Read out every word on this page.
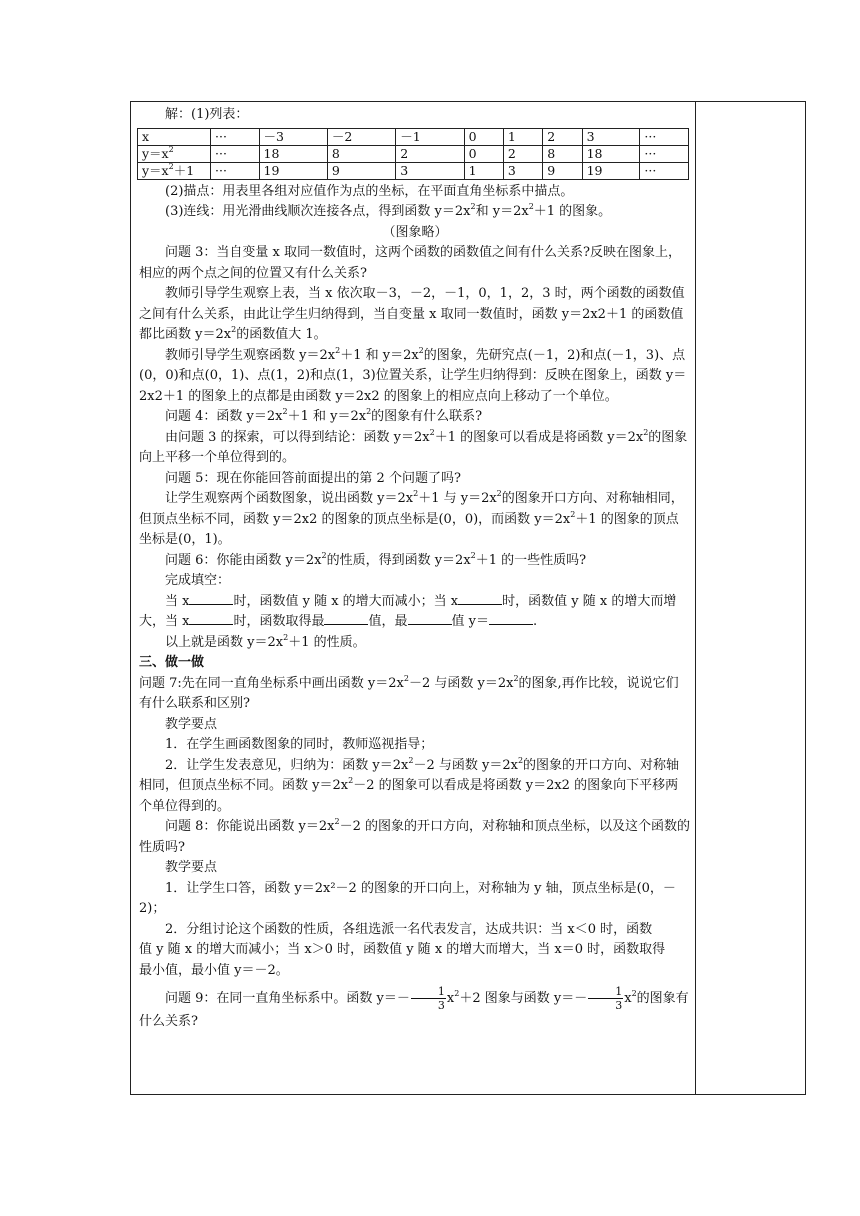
解：(1)列表：

x	···	－3	－2	－1	0	1	2	3	···
$y=x^2$	···	18	8	2	0	2	8	18	···
$y=x^2+1$	···	19	9	3	1	3	9	19	···

(2)描点：用表里各组对应值作为点的坐标，在平面直角坐标系中描点。

(3)连线：用光滑曲线顺次连接各点，得到函数 $y=2x^2$和 $y=2x^2+1$ 的图象。

（图象略）

问题 3：当自变量 x 取同一数值时，这两个函数的函数值之间有什么关系?反映在图象上，相应的两个点之间的位置又有什么关系?

教师引导学生观察上表，当 x 依次取－3，－2，－1，0，1，2，3 时，两个函数的函数值

之间有什么关系，由此让学生归纳得到，当自变量 x 取同一数值时，函数 y＝2x2＋1 的函数值都比函数 $y=2x^2$的函数值大 1。

教师引导学生观察函数 $y=2x^2+1$ 和 $y=2x^2$的图象，先研究点(－1，2)和点(－1，3)、点(0，0)和点(0，1)、点(1，2)和点(1，3)位置关系，让学生归纳得到：反映在图象上，函数 y＝2x2＋1 的图象上的点都是由函数 y＝2x2 的图象上的相应点向上移动了一个单位。

问题 4：函数 $y=2x^2+1$ 和 $y=2x^2$的图象有什么联系?

由问题 3 的探索，可以得到结论：函数 $y=2x^2+1$ 的图象可以看成是将函数 $y=2x^2$的图象向上平移一个单位得到的。

问题 5：现在你能回答前面提出的第 2 个问题了吗?

让学生观察两个函数图象，说出函数 $y=2x^2+1$ 与 $y=2x^2$的图象开口方向、对称轴相同，但顶点坐标不同，函数 y＝2x2 的图象的顶点坐标是(0，0)，而函数 $y=2x^2+1$ 的图象的顶点坐标是(0，1)。

问题 6：你能由函数 $y=2x^2$的性质，得到函数 $y=2x^2+1$ 的一些性质吗?

完成填空：

当 x	时，函数值 y 随 x 的增大而减小；当 x	时，函数值 y 随 x 的增大而增大，当 x	时，函数取得最	值，最	值 y＝	.

以上就是函数 $y=2x^2+1$ 的性质。

三、做一做

问题 7:先在同一直角坐标系中画出函数 $y=2x^2-2$ 与函数 $y=2x^2$的图象,再作比较，说说它们有什么联系和区别?

教学要点

1．在学生画函数图象的同时，教师巡视指导；

2．让学生发表意见，归纳为：函数 $y=2x^2-2$ 与函数 $y=2x^2$的图象的开口方向、对称轴相同，但顶点坐标不同。函数 $y=2x^2-2$ 的图象可以看成是将函数 y＝2x2 的图象向下平移两个单位得到的。

问题 8：你能说出函数 $y=2x^2-2$ 的图象的开口方向，对称轴和顶点坐标，以及这个函数的性质吗?

教学要点

1．让学生口答，函数 y＝2x²－2 的图象的开口向上，对称轴为 y 轴，顶点坐标是(0，－2)；

2．分组讨论这个函数的性质，各组选派一名代表发言，达成共识：当 x＜0 时，函数

值 y 随 x 的增大而减小；当 x＞0 时，函数值 y 随 x 的增大而增大，当 x＝0 时，函数取得

最小值，最小值 y＝－2。

问题 9：在同一直角坐标系中。函数 $y=- \frac{1}{3} x^2+2$ 图象与函数 $y=- \frac{1}{3} x^2$的图象有

什么关系?
